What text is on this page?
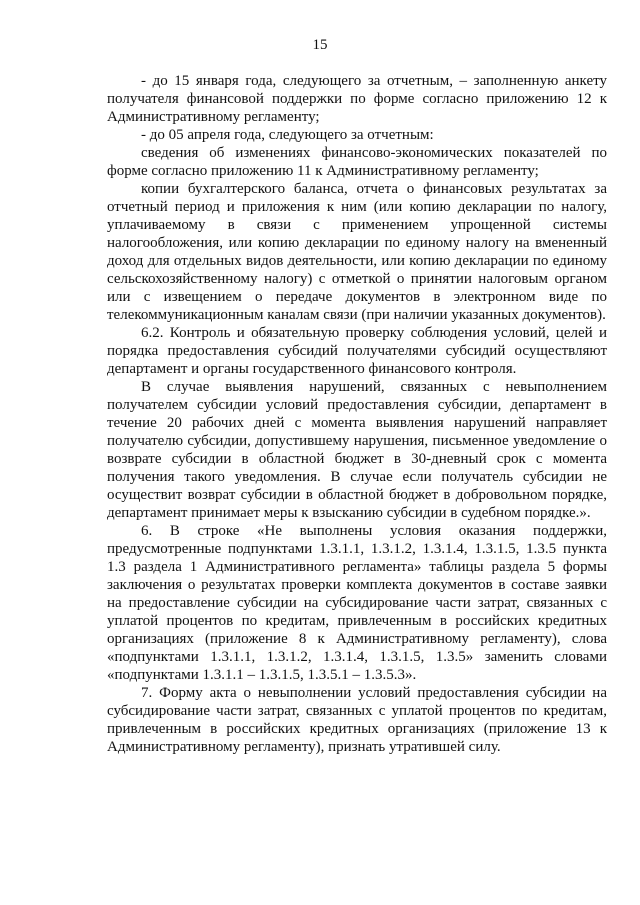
15

- до 15 января года, следующего за отчетным, – заполненную анкету получателя финансовой поддержки по форме согласно приложению 12 к Административному регламенту;

- до 05 апреля года, следующего за отчетным:

сведения об изменениях финансово-экономических показателей по форме согласно приложению 11 к Административному регламенту;

копии бухгалтерского баланса, отчета о финансовых результатах за отчетный период и приложения к ним (или копию декларации по налогу, уплачиваемому в связи с применением упрощенной системы налогообложения, или копию декларации по единому налогу на вмененный доход для отдельных видов деятельности, или копию декларации по единому сельскохозяйственному налогу) с отметкой о принятии налоговым органом или с извещением о передаче документов в электронном виде по телекоммуникационным каналам связи (при наличии указанных документов).

6.2. Контроль и обязательную проверку соблюдения условий, целей и порядка предоставления субсидий получателями субсидий осуществляют департамент и органы государственного финансового контроля.

В случае выявления нарушений, связанных с невыполнением получателем субсидии условий предоставления субсидии, департамент в течение 20 рабочих дней с момента выявления нарушений направляет получателю субсидии, допустившему нарушения, письменное уведомление о возврате субсидии в областной бюджет в 30-дневный срок с момента получения такого уведомления. В случае если получатель субсидии не осуществит возврат субсидии в областной бюджет в добровольном порядке, департамент принимает меры к взысканию субсидии в судебном порядке.».

6. В строке «Не выполнены условия оказания поддержки, предусмотренные подпунктами 1.3.1.1, 1.3.1.2, 1.3.1.4, 1.3.1.5, 1.3.5 пункта 1.3 раздела 1 Административного регламента» таблицы раздела 5 формы заключения о результатах проверки комплекта документов в составе заявки на предоставление субсидии на субсидирование части затрат, связанных с уплатой процентов по кредитам, привлеченным в российских кредитных организациях (приложение 8 к Административному регламенту), слова «подпунктами 1.3.1.1, 1.3.1.2, 1.3.1.4, 1.3.1.5, 1.3.5» заменить словами «подпунктами 1.3.1.1 – 1.3.1.5, 1.3.5.1 – 1.3.5.3».

7. Форму акта о невыполнении условий предоставления субсидии на субсидирование части затрат, связанных с уплатой процентов по кредитам, привлеченным в российских кредитных организациях (приложение 13 к Административному регламенту), признать утратившей силу.
